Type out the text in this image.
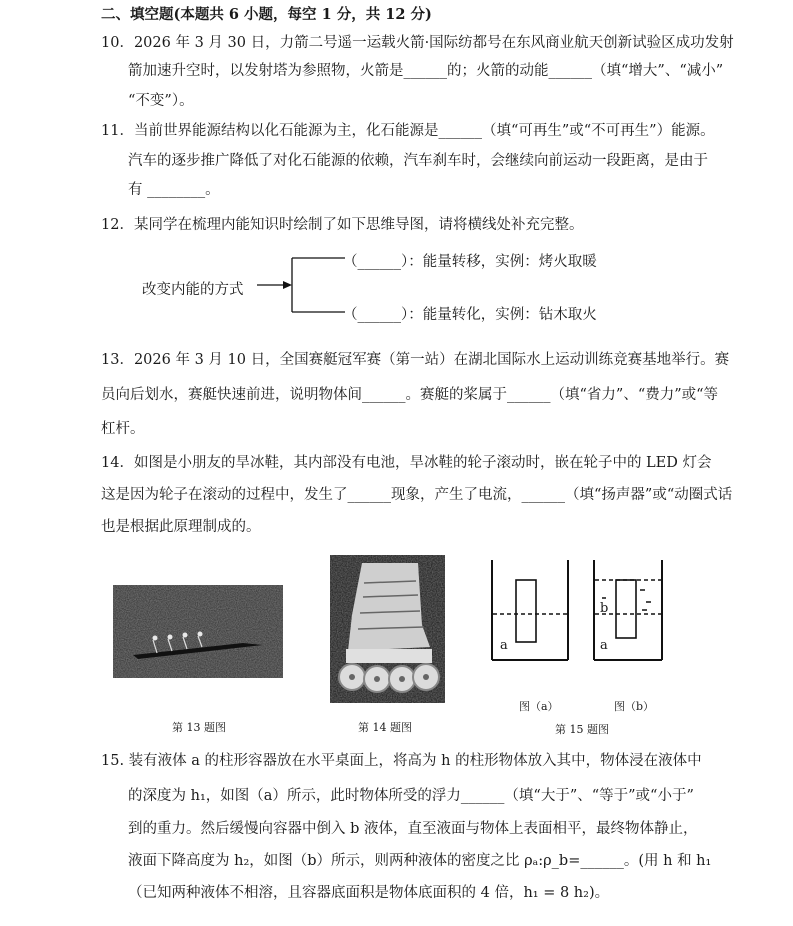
二、填空题(本题共 6 小题，每空 1 分，共 12 分)
10．2026 年 3 月 30 日，力箭二号遥一运载火箭·国际纺都号在东风商业航天创新试验区成功发射
箭加速升空时，以发射塔为参照物，火箭是______的；火箭的动能______（填“增大”、“减小”
“不变”）。
11．当前世界能源结构以化石能源为主，化石能源是______（填“可再生”或“不可再生”）能源。
汽车的逐步推广降低了对化石能源的依赖，汽车刹车时，会继续向前运动一段距离，是由于
有 ________。
12．某同学在梳理内能知识时绘制了如下思维导图，请将横线处补充完整。
改变内能的方式
（______）：能量转移，实例：烤火取暖
（______）：能量转化，实例：钻木取火
13．2026 年 3 月 10 日，全国赛艇冠军赛（第一站）在湖北国际水上运动训练竞赛基地举行。赛
员向后划水，赛艇快速前进，说明物体间______。赛艇的桨属于______（填“省力”、“费力”或“等
杠杆。
14．如图是小朋友的旱冰鞋，其内部没有电池，旱冰鞋的轮子滚动时，嵌在轮子中的 LED 灯会
这是因为轮子在滚动的过程中，发生了______现象，产生了电流，______（填“扬声器”或“动圈式话
也是根据此原理制成的。
第 13 题图	第 14 题图
a
图（a）
b
a
图（b）
第 15 题图
15. 装有液体 a 的柱形容器放在水平桌面上，将高为 h 的柱形物体放入其中，物体浸在液体中
的深度为 h₁，如图（a）所示，此时物体所受的浮力______（填“大于”、“等于”或“小于”
到的重力。然后缓慢向容器中倒入 b 液体，直至液面与物体上表面相平，最终物体静止，
液面下降高度为 h₂，如图（b）所示，则两种液体的密度之比 ρₐ:ρ_b=______。(用 h 和 h₁
（已知两种液体不相溶，且容器底面积是物体底面积的 4 倍，h₁ = 8 h₂)。
